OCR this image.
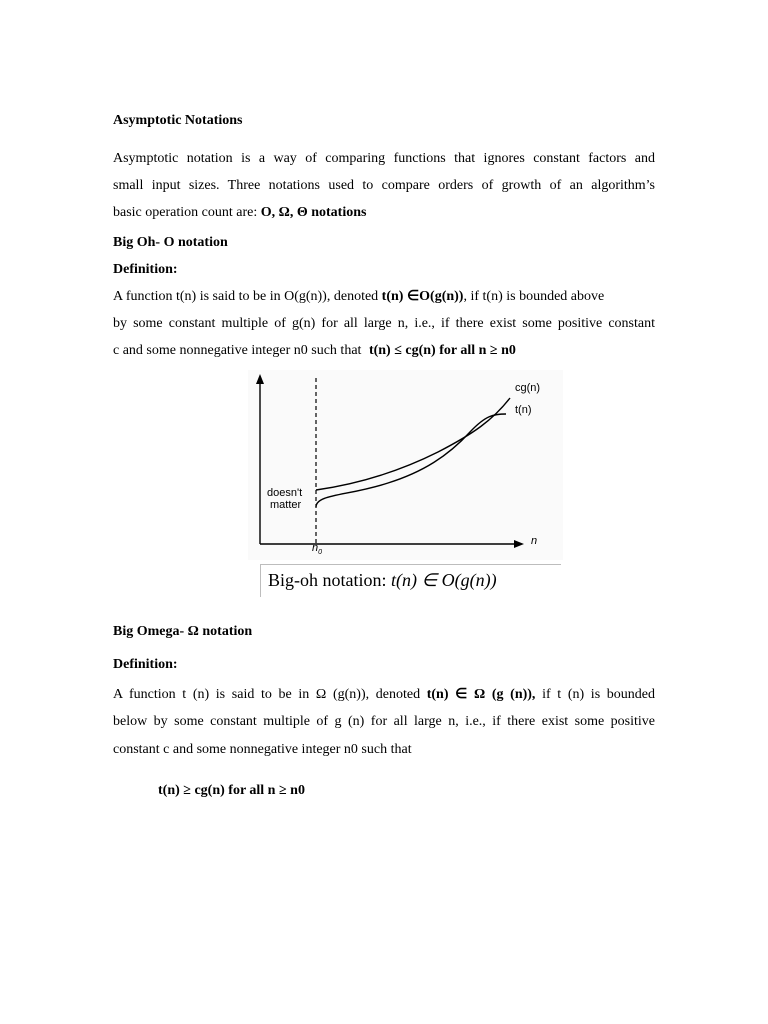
Asymptotic Notations
Asymptotic notation is a way of comparing functions that ignores constant factors and
small input sizes. Three notations used to compare orders of growth of an algorithm’s
basic operation count are: O, Ω, Θ notations
Big Oh- O notation
Definition:
A function t(n) is said to be in O(g(n)), denoted t(n) ∈O(g(n)), if t(n) is bounded above
by some constant multiple of g(n) for all large n, i.e., if there exist some positive constant
c and some nonnegative integer n0 such that t(n) ≤ cg(n) for all n ≥ n0
cg(n)
t(n)
doesn't
matter
n
$n_0$
Big-oh notation: t(n) ∈ O(g(n))
Big Omega- Ω notation
Definition:
A function t (n) is said to be in Ω (g(n)), denoted t(n) ∈ Ω (g (n)), if t (n) is bounded
below by some constant multiple of g (n) for all large n, i.e., if there exist some positive
constant c and some nonnegative integer n0 such that
t(n) ≥ cg(n) for all n ≥ n0
